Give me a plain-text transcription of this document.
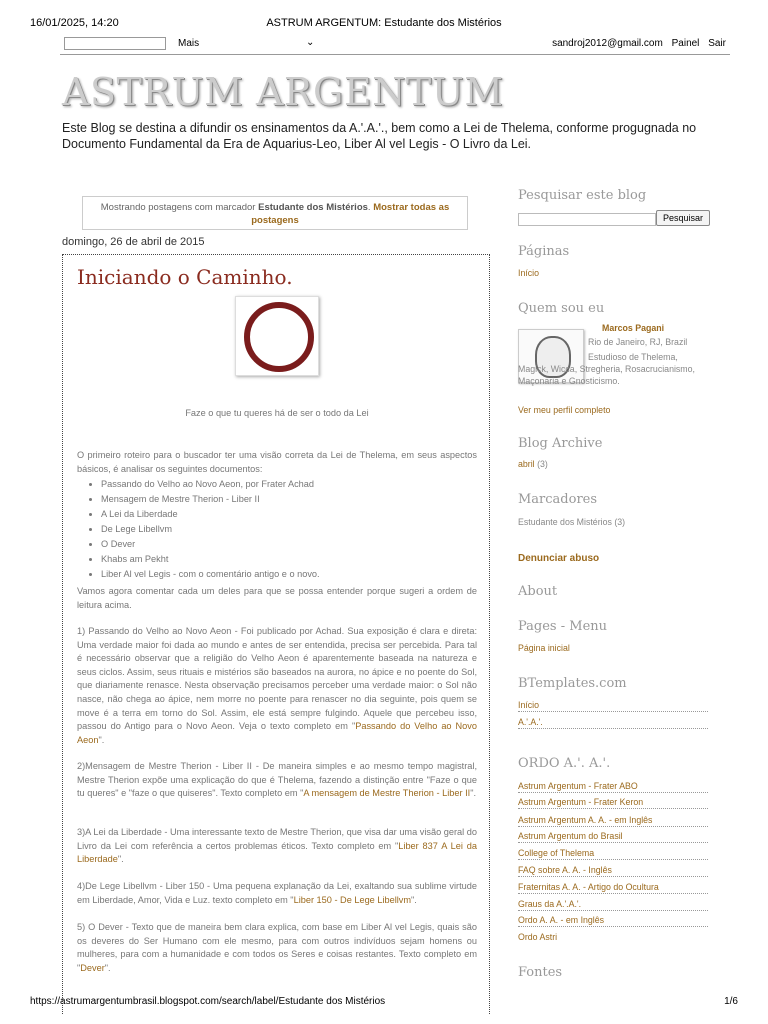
16/01/2025, 14:20	ASTRUM ARGENTUM: Estudante dos Mistérios
Mais	⌄	sandroj2012@gmail.com Painel Sair
ASTRUM ARGENTUM
Este Blog se destina a difundir os ensinamentos da A.'.A.'., bem como a Lei de Thelema, conforme progugnada no Documento Fundamental da Era de Aquarius-Leo, Liber Al vel Legis - O Livro da Lei.
Mostrando postagens com marcador Estudante dos Mistérios. Mostrar todas as postagens
domingo, 26 de abril de 2015
Iniciando o Caminho.
Faze o que tu queres há de ser o todo da Lei
O primeiro roteiro para o buscador ter uma visão correta da Lei de Thelema, em seus aspectos básicos, é analisar os seguintes documentos:
• Passando do Velho ao Novo Aeon, por Frater Achad
• Mensagem de Mestre Therion - Liber II
• A Lei da Liberdade
• De Lege Libellvm
• O Dever
• Khabs am Pekht
• Liber Al vel Legis - com o comentário antigo e o novo.
Vamos agora comentar cada um deles para que se possa entender porque sugeri a ordem de leitura acima.
1) Passando do Velho ao Novo Aeon - Foi publicado por Achad. Sua exposição é clara e direta: Uma verdade maior foi dada ao mundo e antes de ser entendida, precisa ser percebida. Para tal é necessário observar que a religião do Velho Aeon é aparentemente baseada na natureza e seus ciclos. Assim, seus rituais e mistérios são baseados na aurora, no ápice e no poente do Sol, que diariamente renasce. Nesta observação precisamos perceber uma verdade maior: o Sol não nasce, não chega ao ápice, nem morre no poente para renascer no dia seguinte, pois quem se move é a terra em torno do Sol. Assim, ele está sempre fulgindo. Aquele que percebeu isso, passou do Antigo para o Novo Aeon. Veja o texto completo em "Passando do Velho ao Novo Aeon".
2)Mensagem de Mestre Therion - Liber II - De maneira simples e ao mesmo tempo magistral, Mestre Therion expõe uma explicação do que é Thelema, fazendo a distinção entre "Faze o que tu queres" e "faze o que quiseres". Texto completo em "A mensagem de Mestre Therion - Liber II".
3)A Lei da Liberdade - Uma interessante texto de Mestre Therion, que visa dar uma visão geral do Livro da Lei com referência a certos problemas éticos. Texto completo em "Liber 837 A Lei da Liberdade".
4)De Lege Libellvm - Liber 150 - Uma pequena explanação da Lei, exaltando sua sublime virtude em Liberdade, Amor, Vida e Luz. texto completo em "Liber 150 - De Lege Libellvm".
5) O Dever - Texto que de maneira bem clara explica, com base em Liber Al vel Legis, quais são os deveres do Ser Humano com ele mesmo, para com outros indivíduos sejam homens ou mulheres, para com a humanidade e com todos os Seres e coisas restantes. Texto completo em "Dever".
Pesquisar este blog
Pesquisar
Páginas
Início
Quem sou eu
Marcos Pagani
Rio de Janeiro, RJ, Brazil
Estudioso de Thelema, Magick, Wicca, Stregheria, Rosacrucianismo, Maçonaria e Gnosticismo.
Ver meu perfil completo
Blog Archive
abril (3)
Marcadores
Estudante dos Mistérios (3)
Denunciar abuso
About
Pages - Menu
Página inicial
BTemplates.com
Início
A.'.A.'.
ORDO A.'. A.'.
Astrum Argentum - Frater ABO
Astrum Argentum - Frater Keron
Astrum Argentum A. A. - em Inglês
Astrum Argentum do Brasil
College of Thelema
FAQ sobre A. A. - Inglês
Fraternitas A. A. - Artigo do Ocultura
Graus da A.'.A.'.
Ordo A. A. - em Inglês
Ordo Astri
Fontes
https://astrumargentumbrasil.blogspot.com/search/label/Estudante dos Mistérios	1/6
